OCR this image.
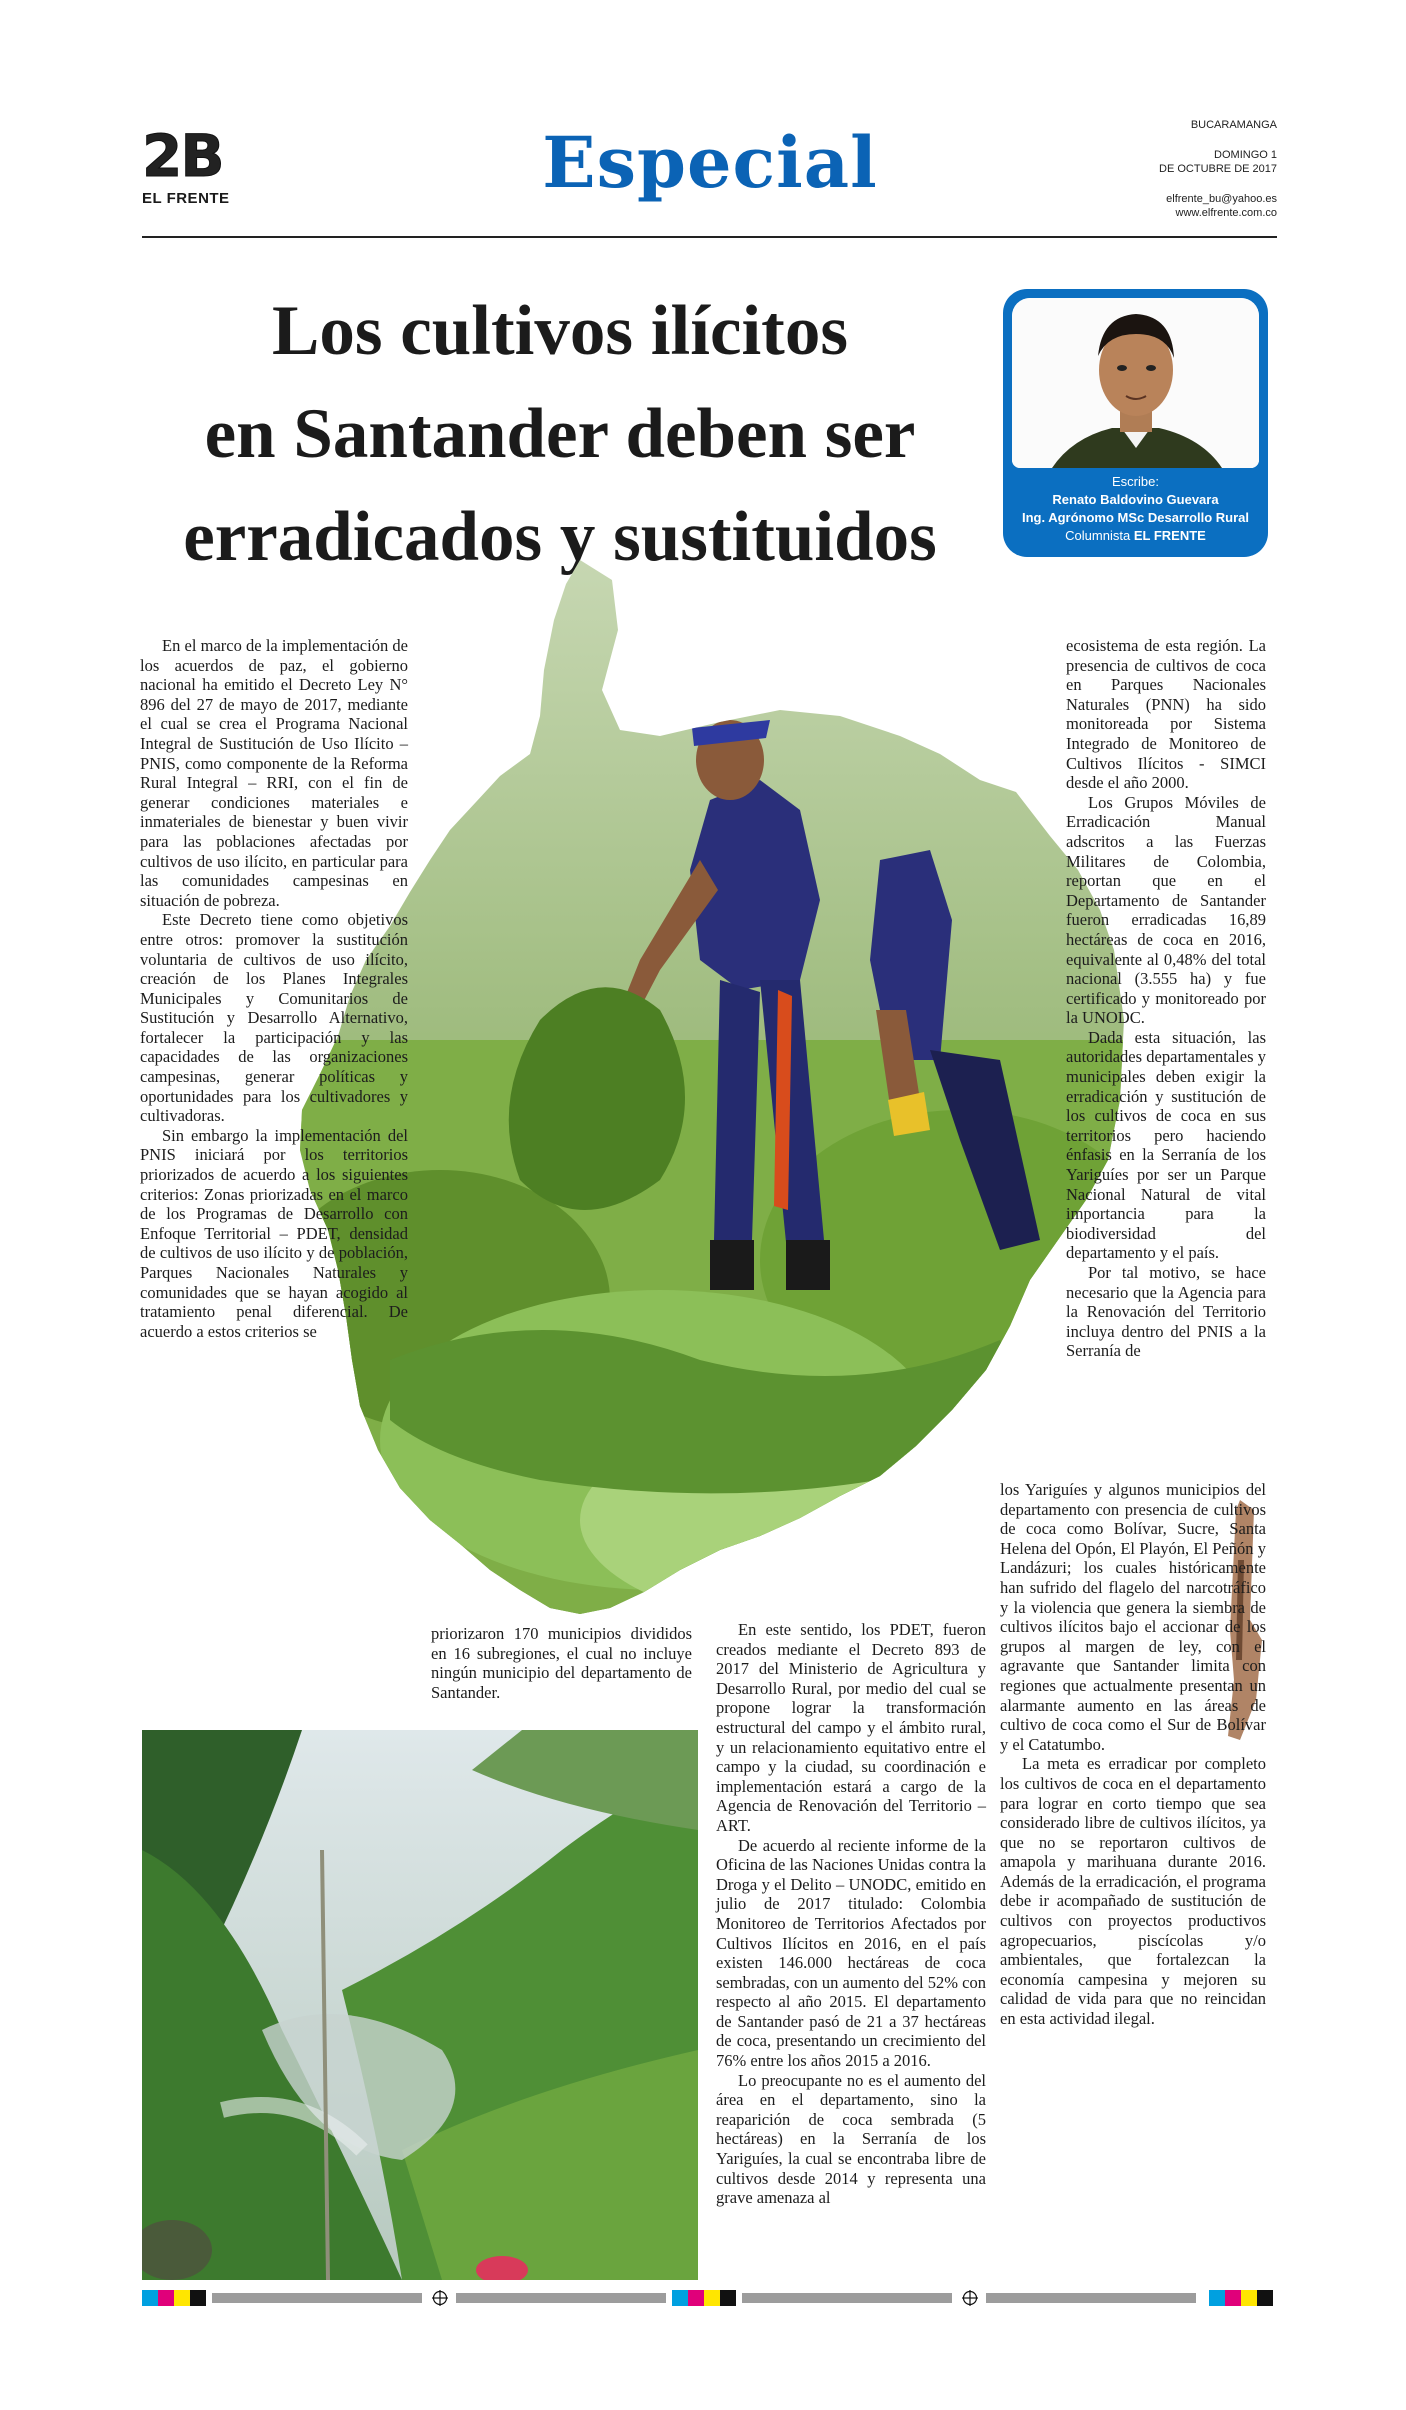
2B
EL FRENTE	Especial	BUCARAMANGA
DOMINGO 1
DE OCTUBRE DE 2017
elfrente_bu@yahoo.es
www.elfrente.com.co
Los cultivos ilícitos
en Santander deben ser
erradicados y sustituidos
Escribe:
Renato Baldovino Guevara
Ing. Agrónomo MSc Desarrollo Rural
Columnista EL FRENTE

En el marco de la implementación de los acuerdos de paz, el gobierno nacional ha emitido el Decreto Ley N° 896 del 27 de mayo de 2017, mediante el cual se crea el Programa Nacional Integral de Sustitución de Uso Ilícito – PNIS, como componente de la Reforma Rural Integral – RRI, con el fin de generar condiciones materiales e inmateriales de bienestar y buen vivir para las poblaciones afectadas por cultivos de uso ilícito, en particular para las comunidades campesinas en situación de pobreza.

Este Decreto tiene como objetivos entre otros: promover la sustitución voluntaria de cultivos de uso ilícito, creación de los Planes Integrales Municipales y Comunitarios de Sustitución y Desarrollo Alternativo, fortalecer la participación y las capacidades de las organizaciones campesinas, generar políticas y oportunidades para los cultivadores y cultivadoras.

Sin embargo la implementación del PNIS iniciará por los territorios priorizados de acuerdo a los siguientes criterios: Zonas priorizadas en el marco de los Programas de Desarrollo con Enfoque Territorial – PDET, densidad de cultivos de uso ilícito y de población, Parques Nacionales Naturales y comunidades que se hayan acogido al tratamiento penal diferencial. De acuerdo a estos criterios se

priorizaron 170 municipios divididos en 16 subregiones, el cual no incluye ningún municipio del departamento de Santander.

En este sentido, los PDET, fueron creados mediante el Decreto 893 de 2017 del Ministerio de Agricultura y Desarrollo Rural, por medio del cual se propone lograr la transformación estructural del campo y el ámbito rural, y un relacionamiento equitativo entre el campo y la ciudad, su coordinación e implementación estará a cargo de la Agencia de Renovación del Territorio – ART.

De acuerdo al reciente informe de la Oficina de las Naciones Unidas contra la Droga y el Delito – UNODC, emitido en julio de 2017 titulado: Colombia Monitoreo de Territorios Afectados por Cultivos Ilícitos en 2016, en el país existen 146.000 hectáreas de coca sembradas, con un aumento del 52% con respecto al año 2015. El departamento de Santander pasó de 21 a 37 hectáreas de coca, presentando un crecimiento del 76% entre los años 2015 a 2016.

Lo preocupante no es el aumento del área en el departamento, sino la reaparición de coca sembrada (5 hectáreas) en la Serranía de los Yariguíes, la cual se encontraba libre de cultivos desde 2014 y representa una grave amenaza al

ecosistema de esta región. La presencia de cultivos de coca en Parques Nacionales Naturales (PNN) ha sido monitoreada por Sistema Integrado de Monitoreo de Cultivos Ilícitos - SIMCI desde el año 2000.

Los Grupos Móviles de Erradicación Manual adscritos a las Fuerzas Militares de Colombia, reportan que en el Departamento de Santander fueron erradicadas 16,89 hectáreas de coca en 2016, equivalente al 0,48% del total nacional (3.555 ha) y fue certificado y monitoreado por la UNODC.

Dada esta situación, las autoridades departamentales y municipales deben exigir la erradicación y sustitución de los cultivos de coca en sus territorios pero haciendo énfasis en la Serranía de los Yariguíes por ser un Parque Nacional Natural de vital importancia para la biodiversidad del departamento y el país.

Por tal motivo, se hace necesario que la Agencia para la Renovación del Territorio incluya dentro del PNIS a la Serranía de

los Yariguíes y algunos municipios del departamento con presencia de cultivos de coca como Bolívar, Sucre, Santa Helena del Opón, El Playón, El Peñón y Landázuri; los cuales históricamente han sufrido del flagelo del narcotráfico y la violencia que genera la siembra de cultivos ilícitos bajo el accionar de los grupos al margen de ley, con el agravante que Santander limita con regiones que actualmente presentan un alarmante aumento en las áreas de cultivo de coca como el Sur de Bolívar y el Catatumbo.

La meta es erradicar por completo los cultivos de coca en el departamento para lograr en corto tiempo que sea considerado libre de cultivos ilícitos, ya que no se reportaron cultivos de amapola y marihuana durante 2016. Además de la erradicación, el programa debe ir acompañado de sustitución de cultivos con proyectos productivos agropecuarios, piscícolas y/o ambientales, que fortalezcan la economía campesina y mejoren su calidad de vida para que no reincidan en esta actividad ilegal.
